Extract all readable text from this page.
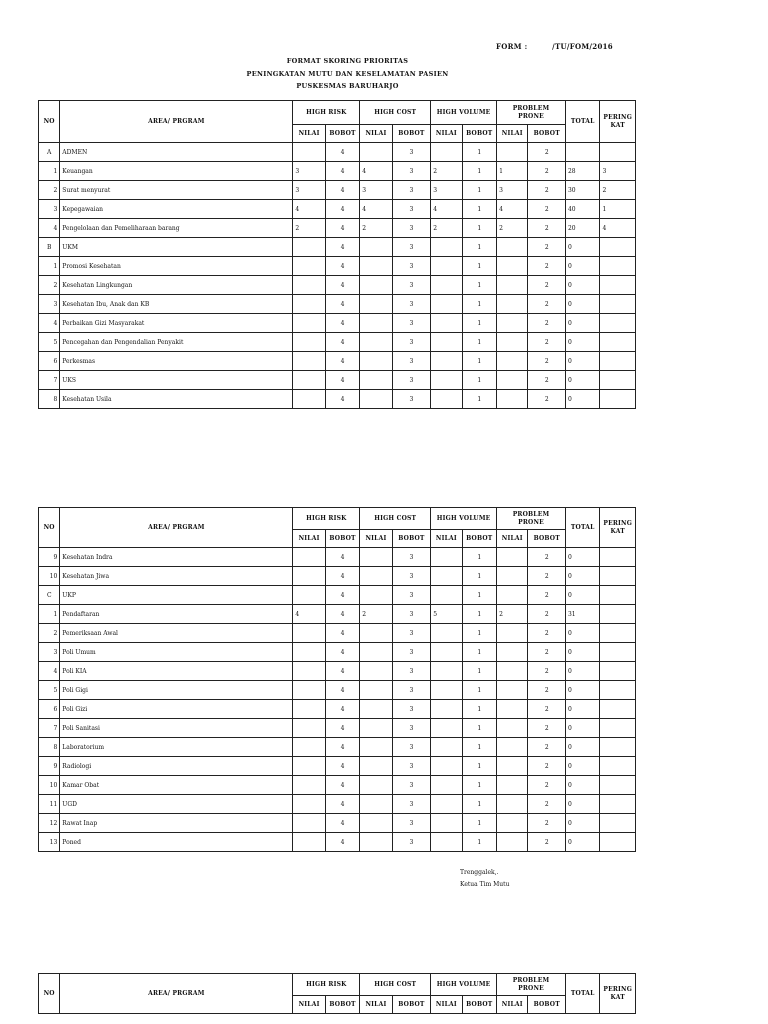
FORM :         /TU/FOM/2016
FORMAT SKORING PRIORITAS
PENINGKATAN MUTU DAN KESELAMATAN PASIEN
PUSKESMAS BARUHARJO
NO	AREA/ PRGRAM	HIGH RISK		HIGH COST		HIGH VOLUME		PROBLEM PRONE		TOTAL	PERING KAT
		NILAI	BOBOT	NILAI	BOBOT	NILAI	BOBOT	NILAI	BOBOT		
A	ADMEN		4		3		1		2		
1	Keuangan	3	4	4	3	2	1	1	2	28	3
2	Surat menyurat	3	4	3	3	3	1	3	2	30	2
3	Kepegawaian	4	4	4	3	4	1	4	2	40	1
4	Pengelolaan dan Pemeliharaan barang	2	4	2	3	2	1	2	2	20	4
B	UKM		4		3		1		2	0	
1	Promosi Kesehatan		4		3		1		2	0	
2	Kesehatan Lingkungan		4		3		1		2	0	
3	Kesehatan Ibu, Anak dan KB		4		3		1		2	0	
4	Perbaikan Gizi Masyarakat		4		3		1		2	0	
5	Pencegahan dan Pengendalian Penyakit		4		3		1		2	0	
6	Perkesmas		4		3		1		2	0	
7	UKS		4		3		1		2	0	
8	Kesehatan Usila		4		3		1		2	0	
NO	AREA/ PRGRAM	HIGH RISK		HIGH COST		HIGH VOLUME		PROBLEM PRONE		TOTAL	PERING KAT
		NILAI	BOBOT	NILAI	BOBOT	NILAI	BOBOT	NILAI	BOBOT		
9	Kesehatan Indra		4		3		1		2	0	
10	Kesehatan Jiwa		4		3		1		2	0	
C	UKP		4		3		1		2	0	
1	Pendaftaran	4	4	2	3	5	1	2	2	31	
2	Pemeriksaan Awal		4		3		1		2	0	
3	Poli Umum		4		3		1		2	0	
4	Poli KIA		4		3		1		2	0	
5	Poli Gigi		4		3		1		2	0	
6	Poli Gizi		4		3		1		2	0	
7	Poli Sanitasi		4		3		1		2	0	
8	Laboratorium		4		3		1		2	0	
9	Radiologi		4		3		1		2	0	
10	Kamar Obat		4		3		1		2	0	
11	UGD		4		3		1		2	0	
12	Rawat Inap		4		3		1		2	0	
13	Poned		4		3		1		2	0	
Trenggalek,.
Ketua Tim Mutu
NO	AREA/ PRGRAM	HIGH RISK		HIGH COST		HIGH VOLUME		PROBLEM PRONE		TOTAL	PERING KAT
		NILAI	BOBOT	NILAI	BOBOT	NILAI	BOBOT	NILAI	BOBOT		
